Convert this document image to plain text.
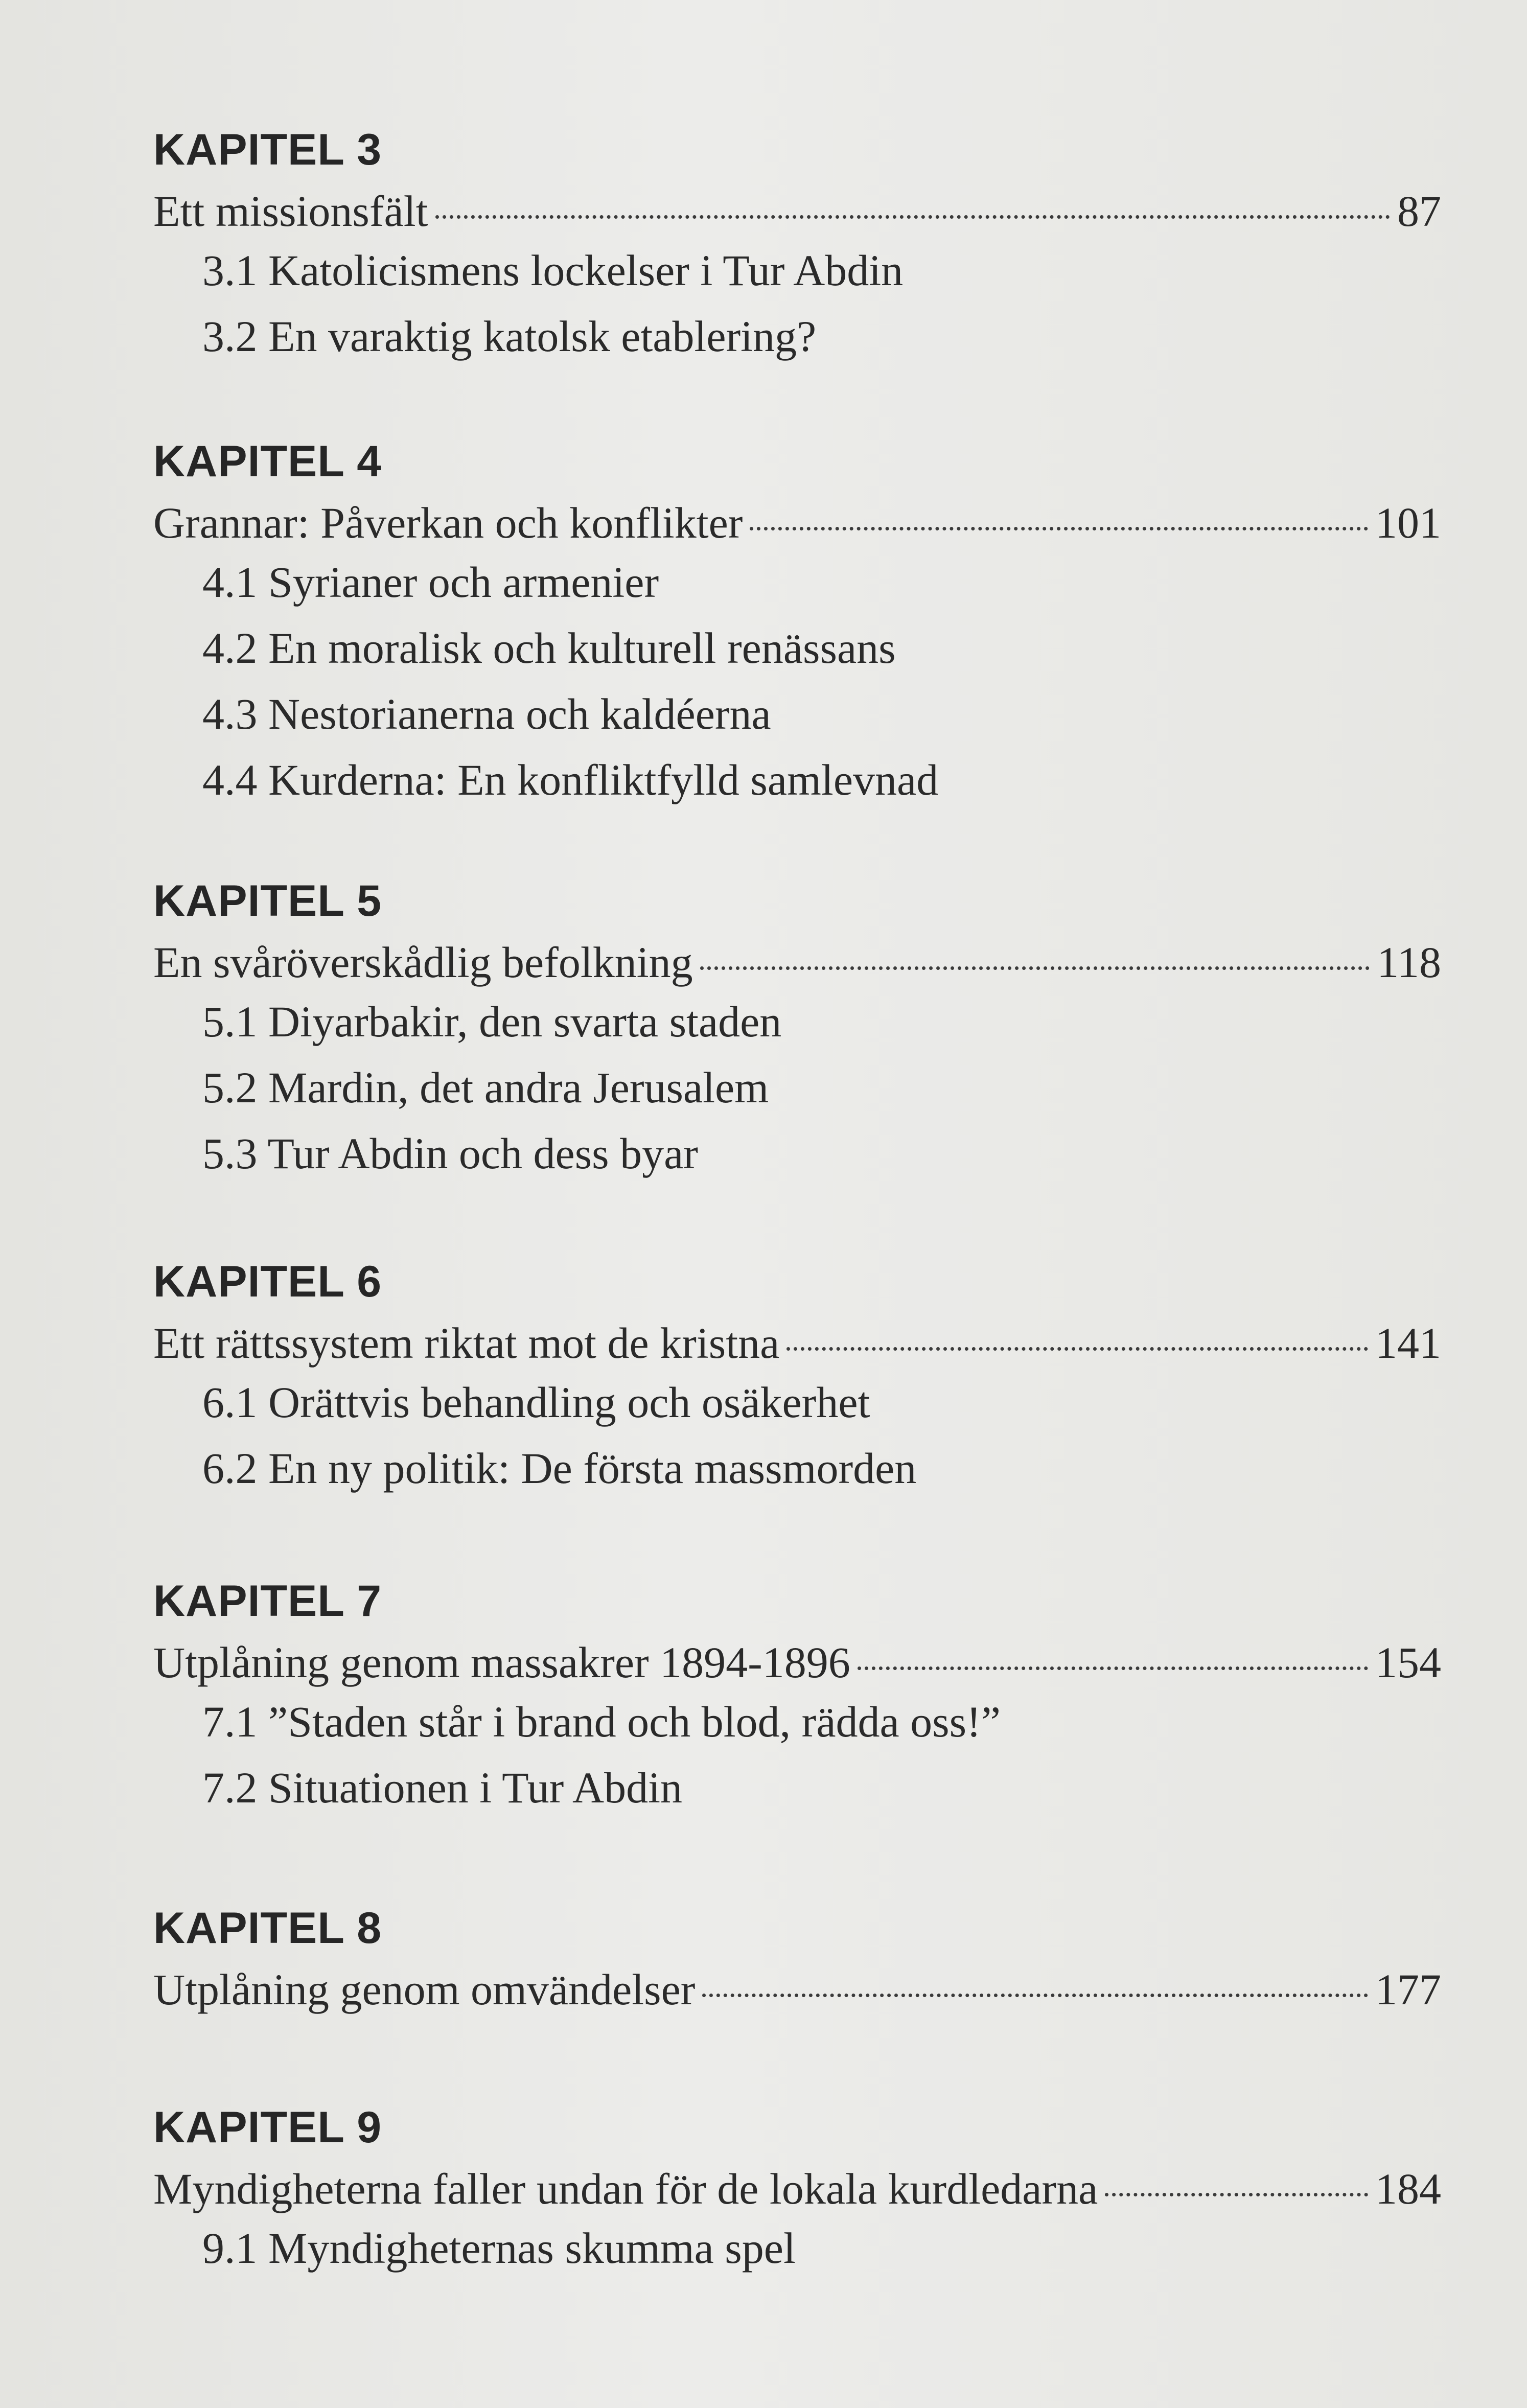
KAPITEL 3
Ett missionsfält	87
3.1 Katolicismens lockelser i Tur Abdin
3.2 En varaktig katolsk etablering?
KAPITEL 4
Grannar: Påverkan och konflikter	101
4.1 Syrianer och armenier
4.2 En moralisk och kulturell renässans
4.3 Nestorianerna och kaldéerna
4.4 Kurderna: En konfliktfylld samlevnad
KAPITEL 5
En svåröverskådlig befolkning	118
5.1 Diyarbakir, den svarta staden
5.2 Mardin, det andra Jerusalem
5.3 Tur Abdin och dess byar
KAPITEL 6
Ett rättssystem riktat mot de kristna	141
6.1 Orättvis behandling och osäkerhet
6.2 En ny politik: De första massmorden
KAPITEL 7
Utplåning genom massakrer 1894-1896	154
7.1 ”Staden står i brand och blod, rädda oss!”
7.2 Situationen i Tur Abdin
KAPITEL 8
Utplåning genom omvändelser	177
KAPITEL 9
Myndigheterna faller undan för de lokala kurdledarna	184
9.1 Myndigheternas skumma spel
